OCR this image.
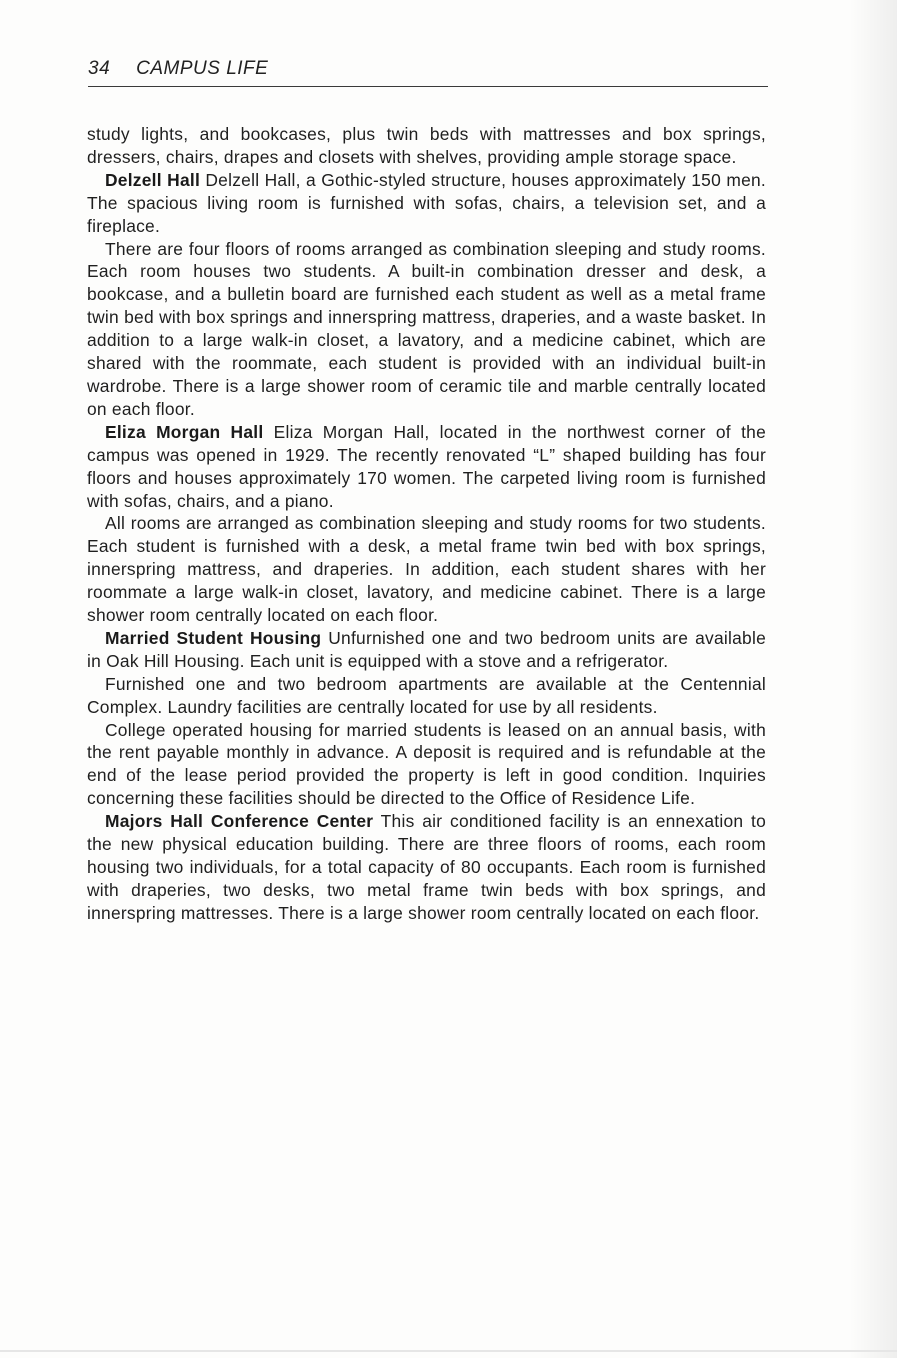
34 CAMPUS LIFE

study lights, and bookcases, plus twin beds with mattresses and box springs, dressers, chairs, drapes and closets with shelves, providing ample storage space.

Delzell Hall Delzell Hall, a Gothic-styled structure, houses approximately 150 men. The spacious living room is furnished with sofas, chairs, a television set, and a fireplace.

There are four floors of rooms arranged as combination sleeping and study rooms. Each room houses two students. A built-in combination dresser and desk, a bookcase, and a bulletin board are furnished each student as well as a metal frame twin bed with box springs and innerspring mattress, draperies, and a waste basket. In addition to a large walk-in closet, a lavatory, and a medicine cabinet, which are shared with the roommate, each student is provided with an individual built-in wardrobe. There is a large shower room of ceramic tile and marble centrally located on each floor.

Eliza Morgan Hall Eliza Morgan Hall, located in the northwest corner of the campus was opened in 1929. The recently renovated “L” shaped building has four floors and houses approximately 170 women. The carpeted living room is furnished with sofas, chairs, and a piano.

All rooms are arranged as combination sleeping and study rooms for two students. Each student is furnished with a desk, a metal frame twin bed with box springs, innerspring mattress, and draperies. In addition, each student shares with her roommate a large walk-in closet, lavatory, and medicine cabinet. There is a large shower room centrally located on each floor.

Married Student Housing Unfurnished one and two bedroom units are available in Oak Hill Housing. Each unit is equipped with a stove and a refrigerator.

Furnished one and two bedroom apartments are available at the Centennial Complex. Laundry facilities are centrally located for use by all residents.

College operated housing for married students is leased on an annual basis, with the rent payable monthly in advance. A deposit is required and is refundable at the end of the lease period provided the property is left in good condition. Inquiries concerning these facilities should be directed to the Office of Residence Life.

Majors Hall Conference Center This air conditioned facility is an ennexation to the new physical education building. There are three floors of rooms, each room housing two individuals, for a total capacity of 80 occupants. Each room is furnished with draperies, two desks, two metal frame twin beds with box springs, and innerspring mattresses. There is a large shower room centrally located on each floor.
